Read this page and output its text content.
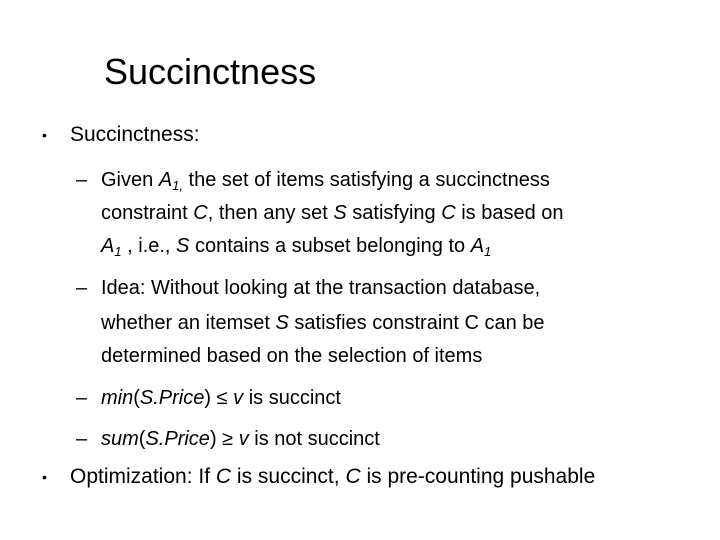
Succinctness
• Succinctness:
– Given $A_{1,}$ the set of items satisfying a succinctness
constraint C, then any set S satisfying C is based on
$A_1$ , i.e., S contains a subset belonging to $A_1$
– Idea: Without looking at the transaction database,
whether an itemset S satisfies constraint C can be
determined based on the selection of items
– min(S.Price) ≤ v is succinct
– sum(S.Price) ≥ v is not succinct
• Optimization: If C is succinct, C is pre-counting pushable
